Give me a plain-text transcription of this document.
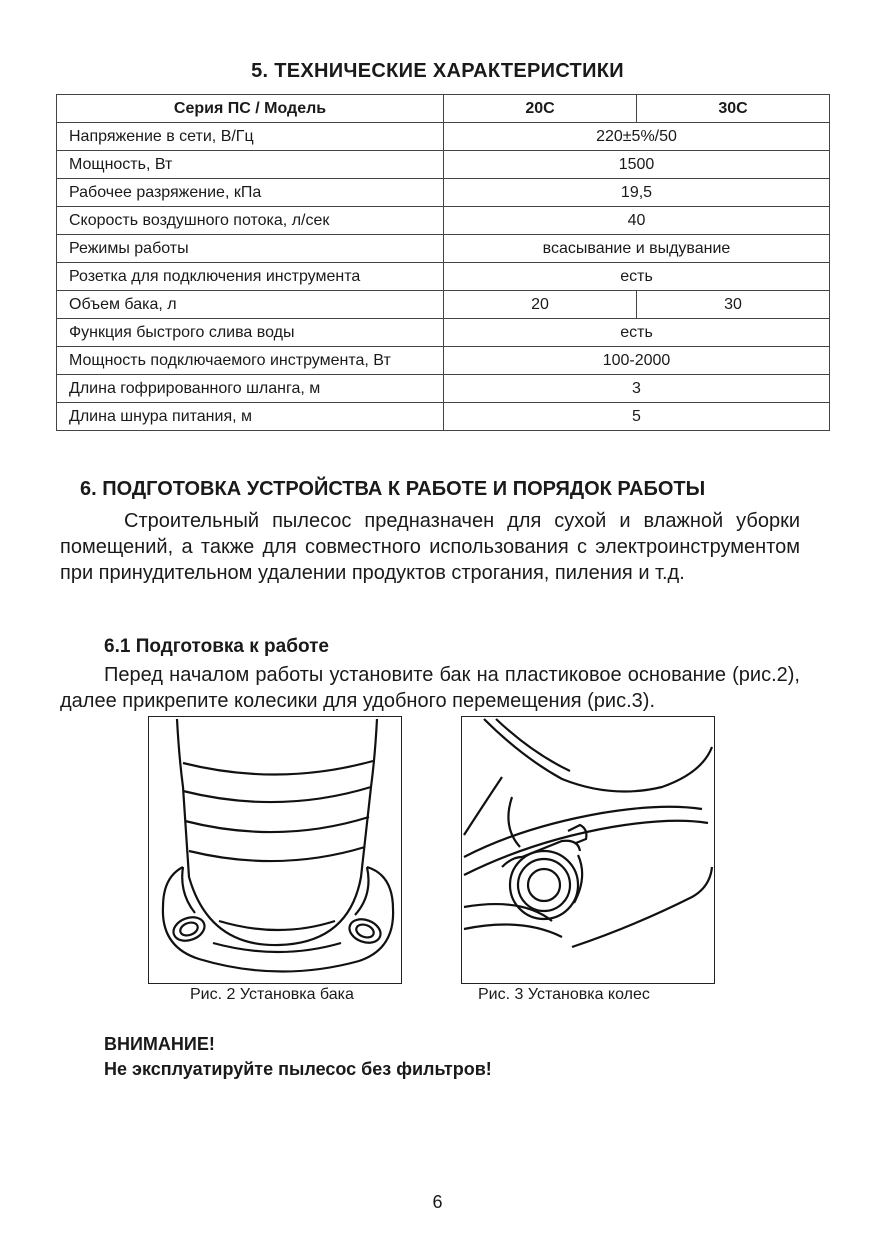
5. ТЕХНИЧЕСКИЕ ХАРАКТЕРИСТИКИ
Серия ПС / Модель	20С	30С
Напряжение в сети, В/Гц	220±5%/50	
Мощность, Вт	1500	
Рабочее разряжение, кПа	19,5	
Скорость воздушного потока, л/сек	40	
Режимы работы	всасывание и выдувание	
Розетка для подключения инструмента	есть	
Объем бака, л	20	30
Функция быстрого слива воды	есть	
Мощность подключаемого инструмента, Вт	100-2000	
Длина гофрированного шланга, м	3	
Длина шнура питания, м	5	
6. ПОДГОТОВКА УСТРОЙСТВА К РАБОТЕ И ПОРЯДОК РАБОТЫ
Строительный пылесос предназначен для сухой и влажной уборки помещений, а также для совместного использования с электроинструментом при принудительном удалении продуктов строгания, пиления и т.д.
6.1 Подготовка к работе
Перед началом работы установите бак на пластиковое основание (рис.2), далее прикрепите колесики для удобного перемещения (рис.3).
Рис. 2 Установка бака	Рис. 3 Установка колес
ВНИМАНИЕ!
Не эксплуатируйте пылесос без фильтров!
6
